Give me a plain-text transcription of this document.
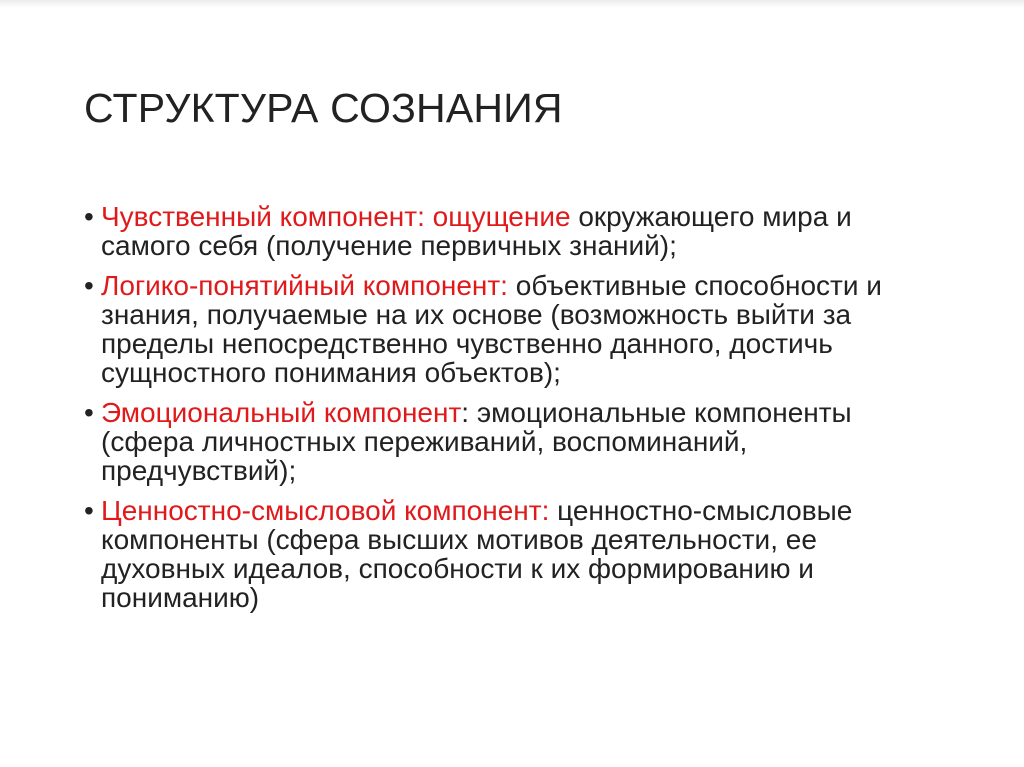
СТРУКТУРА СОЗНАНИЯ
• Чувственный компонент: ощущение окружающего мира и самого себя (получение первичных знаний);
• Логико-понятийный компонент: объективные способности и знания, получаемые на их основе (возможность выйти за пределы непосредственно чувственно данного, достичь сущностного понимания объектов);
• Эмоциональный компонент: эмоциональные компоненты (сфера личностных переживаний, воспоминаний, предчувствий);
• Ценностно-смысловой компонент: ценностно-смысловые компоненты (сфера высших мотивов деятельности, ее духовных идеалов, способности к их формированию и пониманию)
